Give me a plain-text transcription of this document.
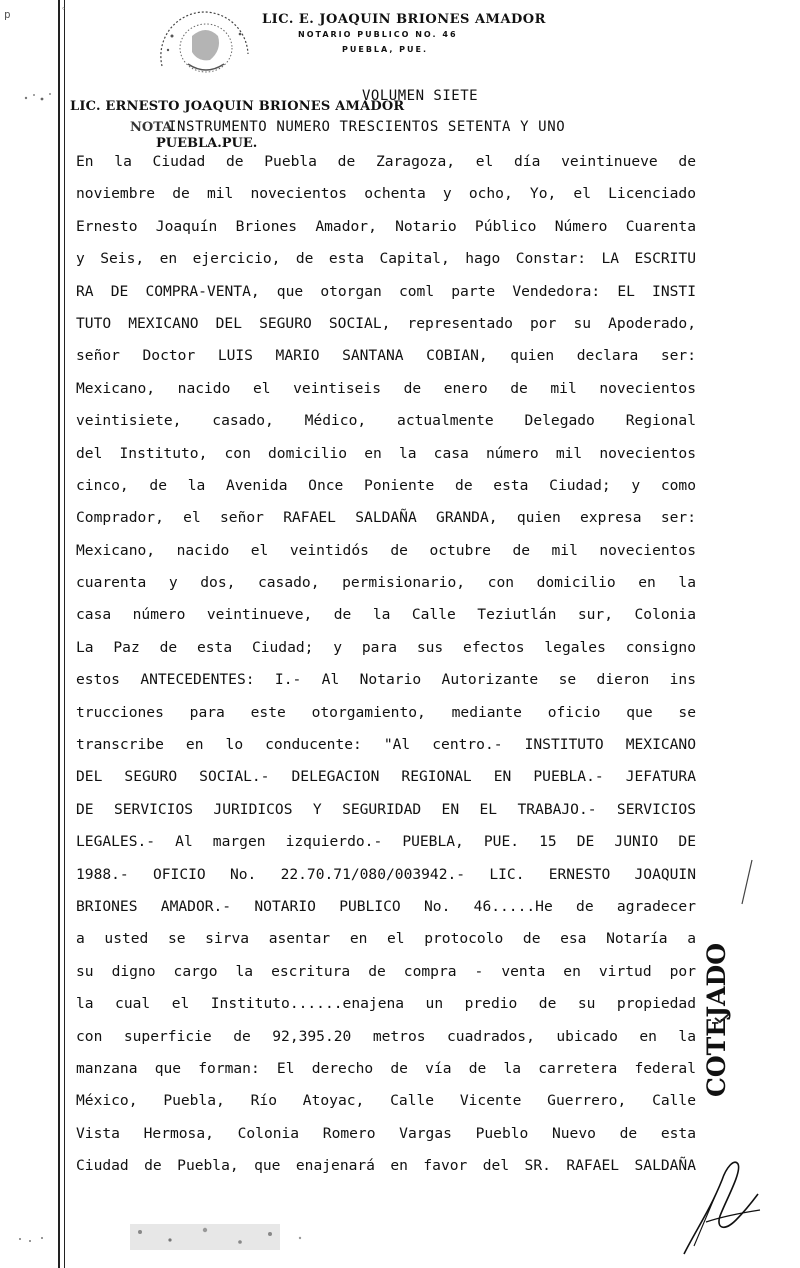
p	ﾟ	LIC. E. JOAQUIN BRIONES AMADOR
NOTARIO PUBLICO NO. 46
PUEBLA, PUE.
VOLUMEN SIETE
LIC. ERNESTO JOAQUIN BRIONES AMADOR
NOTA
INSTRUMENTO NUMERO TRESCIENTOS SETENTA Y UNO
PUEBLA.PUE.
En la Ciudad de Puebla de Zaragoza, el día veintinueve de
noviembre de mil novecientos ochenta y ocho, Yo, el Licenciado
Ernesto Joaquín Briones Amador, Notario Público Número Cuarenta
y Seis, en ejercicio, de esta Capital, hago Constar: LA ESCRITU
RA DE COMPRA-VENTA, que otorgan coml parte Vendedora: EL INSTI
TUTO MEXICANO DEL SEGURO SOCIAL, representado por su Apoderado,
señor Doctor LUIS MARIO SANTANA COBIAN, quien declara ser:
Mexicano, nacido el veintiseis de enero de mil novecientos
veintisiete, casado, Médico, actualmente Delegado Regional
del Instituto, con domicilio en la casa número mil novecientos
cinco, de la Avenida Once Poniente de esta Ciudad; y como
Comprador, el señor RAFAEL SALDAÑA GRANDA, quien expresa ser:
Mexicano, nacido el veintidós de octubre de mil novecientos
cuarenta y dos, casado, permisionario, con domicilio en la
casa número veintinueve, de la Calle Teziutlán sur, Colonia
La Paz de esta Ciudad; y para sus efectos legales consigno
estos ANTECEDENTES: I.- Al Notario Autorizante se dieron ins
trucciones para este otorgamiento, mediante oficio que se
transcribe en lo conducente: "Al centro.- INSTITUTO MEXICANO
DEL SEGURO SOCIAL.- DELEGACION REGIONAL EN PUEBLA.- JEFATURA
DE SERVICIOS JURIDICOS Y SEGURIDAD EN EL TRABAJO.- SERVICIOS
LEGALES.- Al margen izquierdo.- PUEBLA, PUE. 15 DE JUNIO DE
1988.- OFICIO No. 22.70.71/080/003942.- LIC. ERNESTO JOAQUIN
BRIONES AMADOR.- NOTARIO PUBLICO No. 46.....He de agradecer
a usted se sirva asentar en el protocolo de esa Notaría a
su digno cargo la escritura de compra - venta en virtud por
la cual el Instituto......enajena un predio de su propiedad
con superficie de 92,395.20 metros cuadrados, ubicado en la
manzana que forman: El derecho de vía de la carretera federal
México, Puebla, Río Atoyac, Calle Vicente Guerrero, Calle
Vista Hermosa, Colonia Romero Vargas Pueblo Nuevo de esta
Ciudad de Puebla, que enajenará en favor del SR. RAFAEL SALDAÑA
COTEJADO
